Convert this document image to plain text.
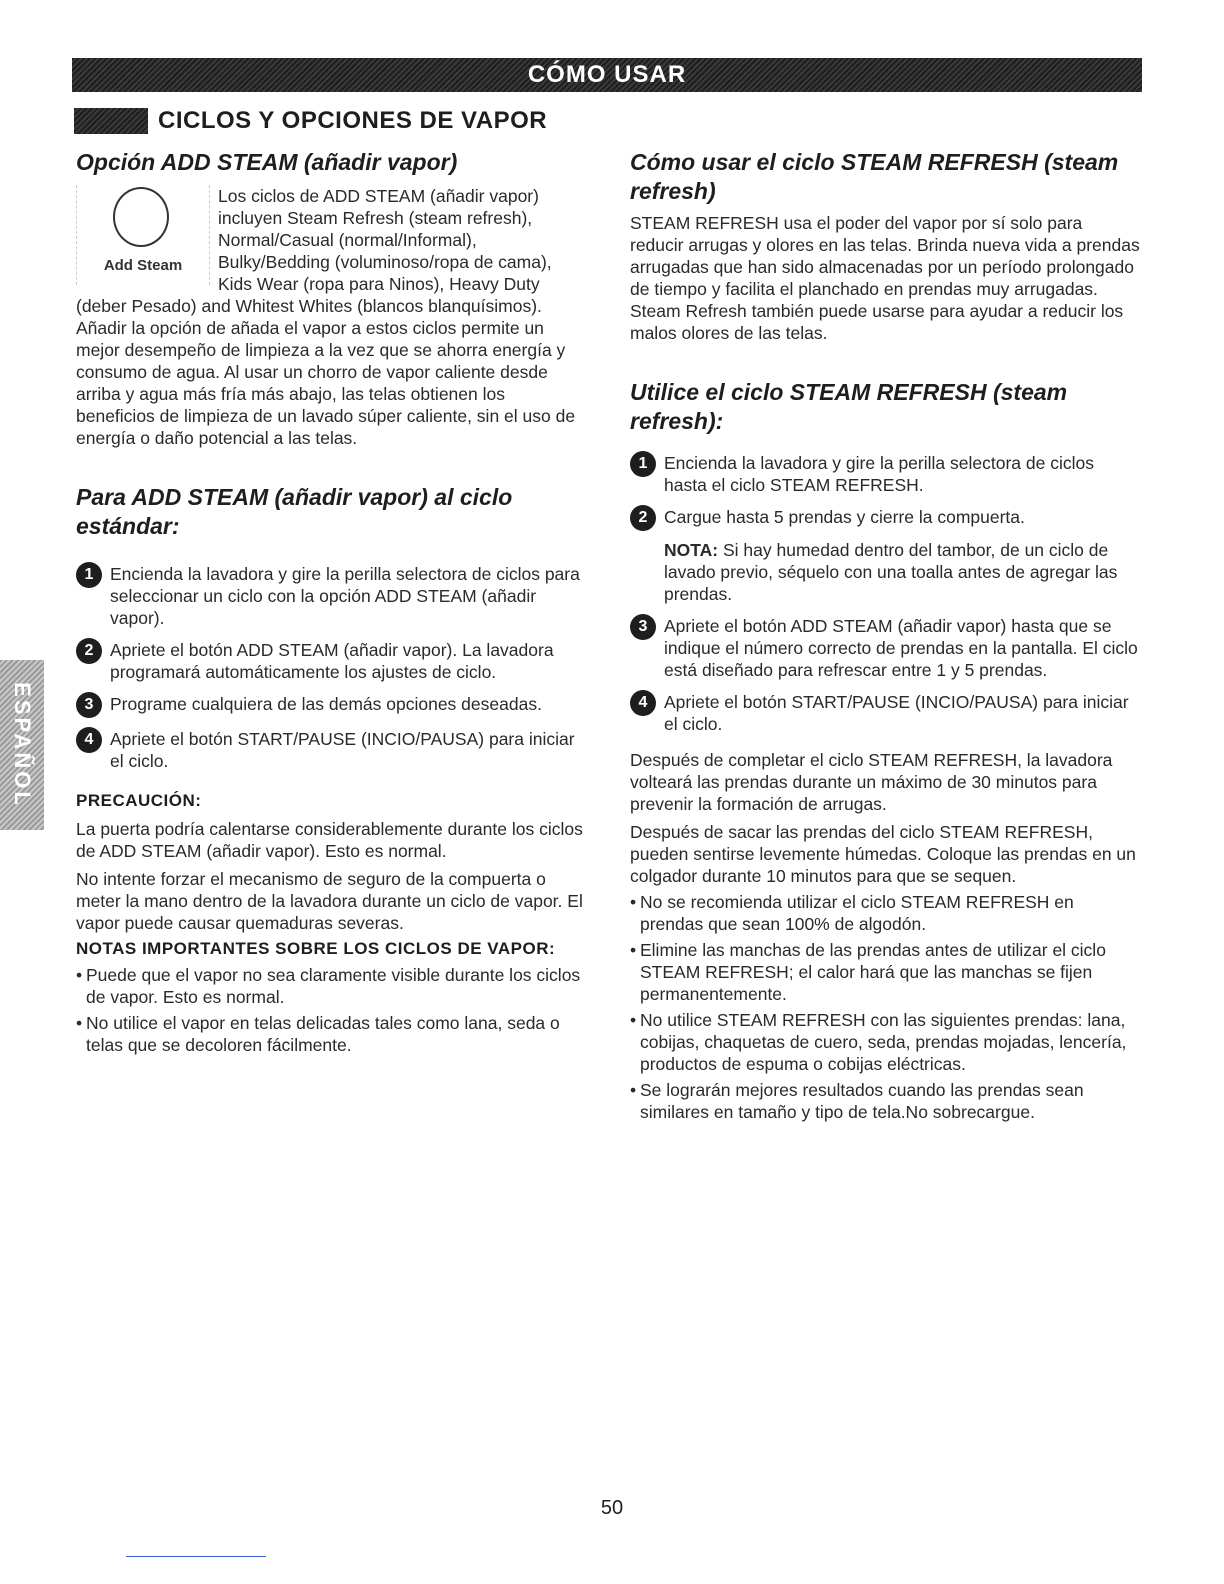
CÓMO USAR
CICLOS Y OPCIONES DE VAPOR
ESPAÑOL
Opción ADD STEAM (añadir vapor)
Add Steam

Los ciclos de ADD STEAM (añadir vapor) incluyen Steam Refresh (steam refresh), Normal/Casual (normal/Informal), Bulky/Bedding (voluminoso/ropa de cama), Kids Wear (ropa para Ninos), Heavy Duty (deber Pesado) and Whitest Whites (blancos blanquísimos). Añadir la opción de añada el vapor a estos ciclos permite un mejor desempeño de limpieza a la vez que se ahorra energía y consumo de agua. Al usar un chorro de vapor caliente desde arriba y agua más fría más abajo, las telas obtienen los beneficios de limpieza de un lavado súper caliente, sin el uso de energía o daño potencial a las telas.

Para ADD STEAM (añadir vapor) al ciclo estándar:
1 Encienda la lavadora y gire la perilla selectora de ciclos para seleccionar un ciclo con la opción ADD STEAM (añadir vapor).
2 Apriete el botón ADD STEAM (añadir vapor). La lavadora programará automáticamente los ajustes de ciclo.
3 Programe cualquiera de las demás opciones deseadas.
4 Apriete el botón START/PAUSE (INCIO/PAUSA) para iniciar el ciclo.
PRECAUCIÓN:

La puerta podría calentarse considerablemente durante los ciclos de ADD STEAM (añadir vapor). Esto es normal.

No intente forzar el mecanismo de seguro de la compuerta o meter la mano dentro de la lavadora durante un ciclo de vapor. El vapor puede causar quemaduras severas.

NOTAS IMPORTANTES SOBRE LOS CICLOS DE VAPOR:
• Puede que el vapor no sea claramente visible durante los ciclos de vapor. Esto es normal.
• No utilice el vapor en telas delicadas tales como lana, seda o telas que se decoloren fácilmente.
Cómo usar el ciclo STEAM REFRESH (steam refresh)

STEAM REFRESH usa el poder del vapor por sí solo para reducir arrugas y olores en las telas. Brinda nueva vida a prendas arrugadas que han sido almacenadas por un período prolongado de tiempo y facilita el planchado en prendas muy arrugadas. Steam Refresh también puede usarse para ayudar a reducir los malos olores de las telas.

Utilice el ciclo STEAM REFRESH (steam refresh):
1 Encienda la lavadora y gire la perilla selectora de ciclos hasta el ciclo STEAM REFRESH.
2 Cargue hasta 5 prendas y cierre la compuerta.

NOTA: Si hay humedad dentro del tambor, de un ciclo de lavado previo, séquelo con una toalla antes de agregar las prendas.

3 Apriete el botón ADD STEAM (añadir vapor) hasta que se indique el número correcto de prendas en la pantalla. El ciclo está diseñado para refrescar entre 1 y 5 prendas.
4 Apriete el botón START/PAUSE (INCIO/PAUSA) para iniciar el ciclo.

Después de completar el ciclo STEAM REFRESH, la lavadora volteará las prendas durante un máximo de 30 minutos para prevenir la formación de arrugas.

Después de sacar las prendas del ciclo STEAM REFRESH, pueden sentirse levemente húmedas. Coloque las prendas en un colgador durante 10 minutos para que se sequen.

• No se recomienda utilizar el ciclo STEAM REFRESH en prendas que sean 100% de algodón.
• Elimine las manchas de las prendas antes de utilizar el ciclo STEAM REFRESH; el calor hará que las manchas se fijen permanentemente.
• No utilice STEAM REFRESH con las siguientes prendas: lana, cobijas, chaquetas de cuero, seda, prendas mojadas, lencería, productos de espuma o cobijas eléctricas.
• Se lograrán mejores resultados cuando las prendas sean similares en tamaño y tipo de tela.No sobrecargue.
50
